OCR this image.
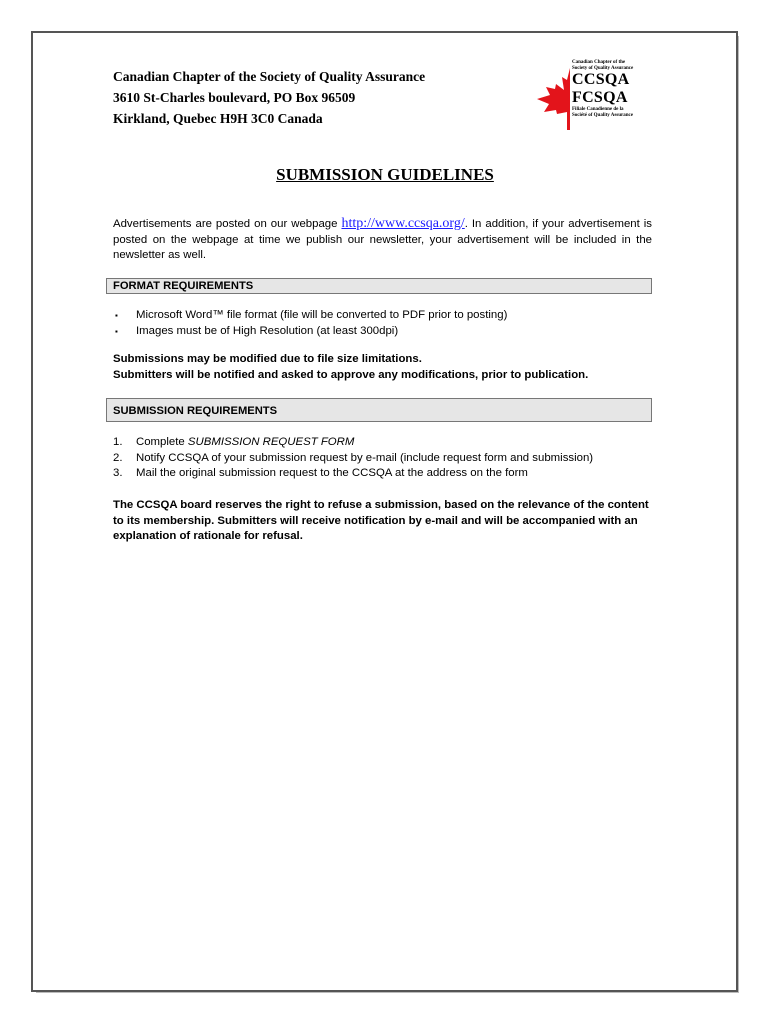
Canadian Chapter of the Society of Quality Assurance
3610 St-Charles boulevard, PO Box 96509
Kirkland, Quebec H9H 3C0 Canada
Canadian Chapter of the
Society of Quality Assurance
CCSQA
FCSQA
Filiale Canadienne de la
Société of Quality Assurance
SUBMISSION GUIDELINES
Advertisements are posted on our webpage http://www.ccsqa.org/. In addition, if your advertisement is posted on the webpage at time we publish our newsletter, your advertisement will be included in the newsletter as well.
FORMAT REQUIREMENTS
▪ Microsoft Word™ file format (file will be converted to PDF prior to posting)
▪ Images must be of High Resolution (at least 300dpi)
Submissions may be modified due to file size limitations.
Submitters will be notified and asked to approve any modifications, prior to publication.
SUBMISSION REQUIREMENTS
1. Complete SUBMISSION REQUEST FORM
2. Notify CCSQA of your submission request by e-mail (include request form and submission)
3. Mail the original submission request to the CCSQA at the address on the form
The CCSQA board reserves the right to refuse a submission, based on the relevance of the content to its membership. Submitters will receive notification by e-mail and will be accompanied with an explanation of rationale for refusal.
